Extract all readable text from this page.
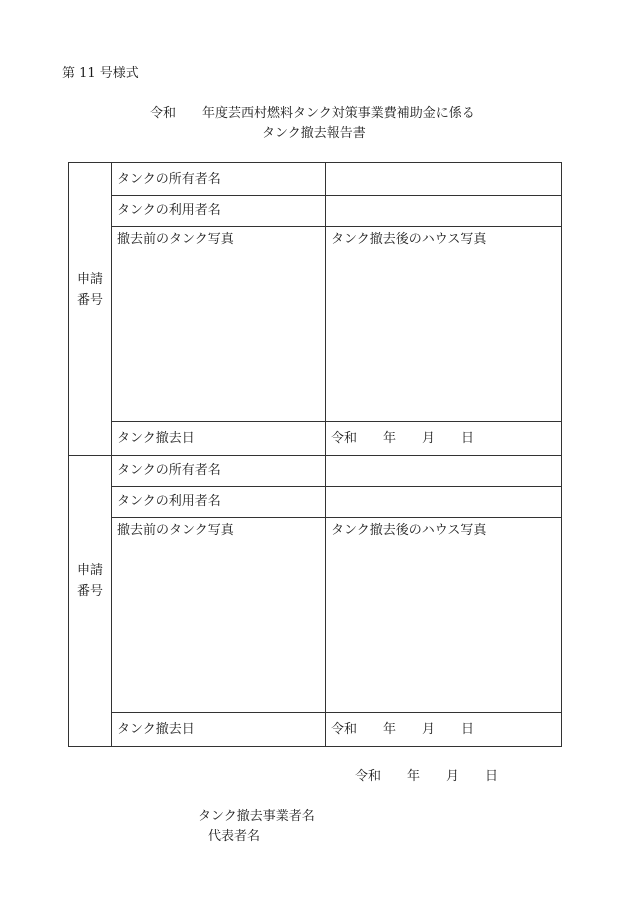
第 11 号様式
令和　　年度芸西村燃料タンク対策事業費補助金に係る
タンク撤去報告書
申請
番号
タンクの所有者名
タンクの利用者名
撤去前のタンク写真	タンク撤去後のハウス写真
タンク撤去日	令和　　年　　月　　日
申請
番号
タンクの所有者名
タンクの利用者名
撤去前のタンク写真	タンク撤去後のハウス写真
タンク撤去日	令和　　年　　月　　日
令和　　年　　月　　日
タンク撤去事業者名
代表者名
